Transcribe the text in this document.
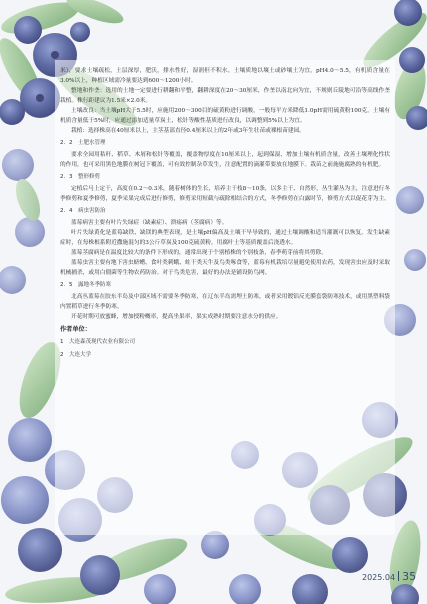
米），要求土壤疏松，土层深厚，肥沃，排水性好，湿润但不积水。土壤质地以壤土或砂壤土为宜，pH4.0～5.5，有机质含量在3.0%以上，种植区域需冷量要达到600～1200小时。

整地和作垄：选用的土地一定要进行耕翻和平整，翻耕深度在20～30厘米，作垄以南北向为宜，不规则丘陵地可沿等高线作垄栽植。株行距建议为1.5米×2.0米。

土壤改良：当土壤pH大于5.5时，应施用200～300目的硫黄粉进行调酸，一般每平方米降低1.0pH需用硫黄粉100克。土壤有机质含量低于5%时，应通过添加适量草炭土、松针等酸性基质进行改良，以调整到5%以上为宜。

栽植：选择株高在40厘米以上，主茎基部直径0.4厘米以上的2年或3年生壮苗或裸根苗建园。

2．2　土肥水管理

要求全园用秸秆、稻草、木屑和松针等覆盖，覆盖物厚度在10厘米以上，起到保湿、增加土壤有机质含量，改善土壤理化性状的作用，也可采用黑色地膜在树冠下覆盖，可有效控制杂草发生，注意配置的滴灌带要放在地膜下。栽苗之前施施腐熟的有机肥。

2．3　整形修剪

定植后马上定干，高度在0.2～0.3米，随着树体的生长，培养主干枝8～10条，以多主干、自然形，丛生灌丛为主，注意进行冬季修剪和夏季修剪，夏季采果完成后进行修剪，修剪采用短截与疏除相结合的方式，冬季修剪在白露时节，修剪方式以促花芽为主。

2．4　病虫害防治

蓝莓病害主要有叶片失绿症（缺素症）、溃疡病（茎腐病）等。

叶片失绿黄化是蓝莓缺铁、缺镁的典型表现，是土壤pH偏高及土壤干旱导致的，通过土壤调酸和适当灌溉可以恢复。发生缺素症时，在每株根系附近撒施混匀的3公斤草炭及100克硫黄粉，用腐叶土等基质覆盖后浇透水。

蓝莓茎腐病是在温度比较大的条件下形成的，通常出现于个别植株的个别枝条，春季萌芽前将其剪除。

蓝莓虫害主要有地下害虫蛴螬、食叶类刺蛾、蛀干类天牛及鸟类啄食等，蓝莓有机栽培尽量避免使用农药，发现害虫应及时采取机械捕杀，或用白僵菌等生物农药防治。对于鸟类危害，最好的办法是铺设防鸟网。

2．5　露地冬季防寒

北高丛蓝莓在胶东半岛及中部区域不需要冬季防寒，在辽东半岛需埋土防寒，或者采用镀铝反光膜套袋防寒技术，或用黑塑料袋内置稻草进行冬季防寒。

开花时期可放蜜蜂，增加授粉概率，提高坐果率，果实成熟时期要注意水分的供应。

作者单位：
1　大连森茂现代农业有限公司
2　大连大学
2025.04 35
